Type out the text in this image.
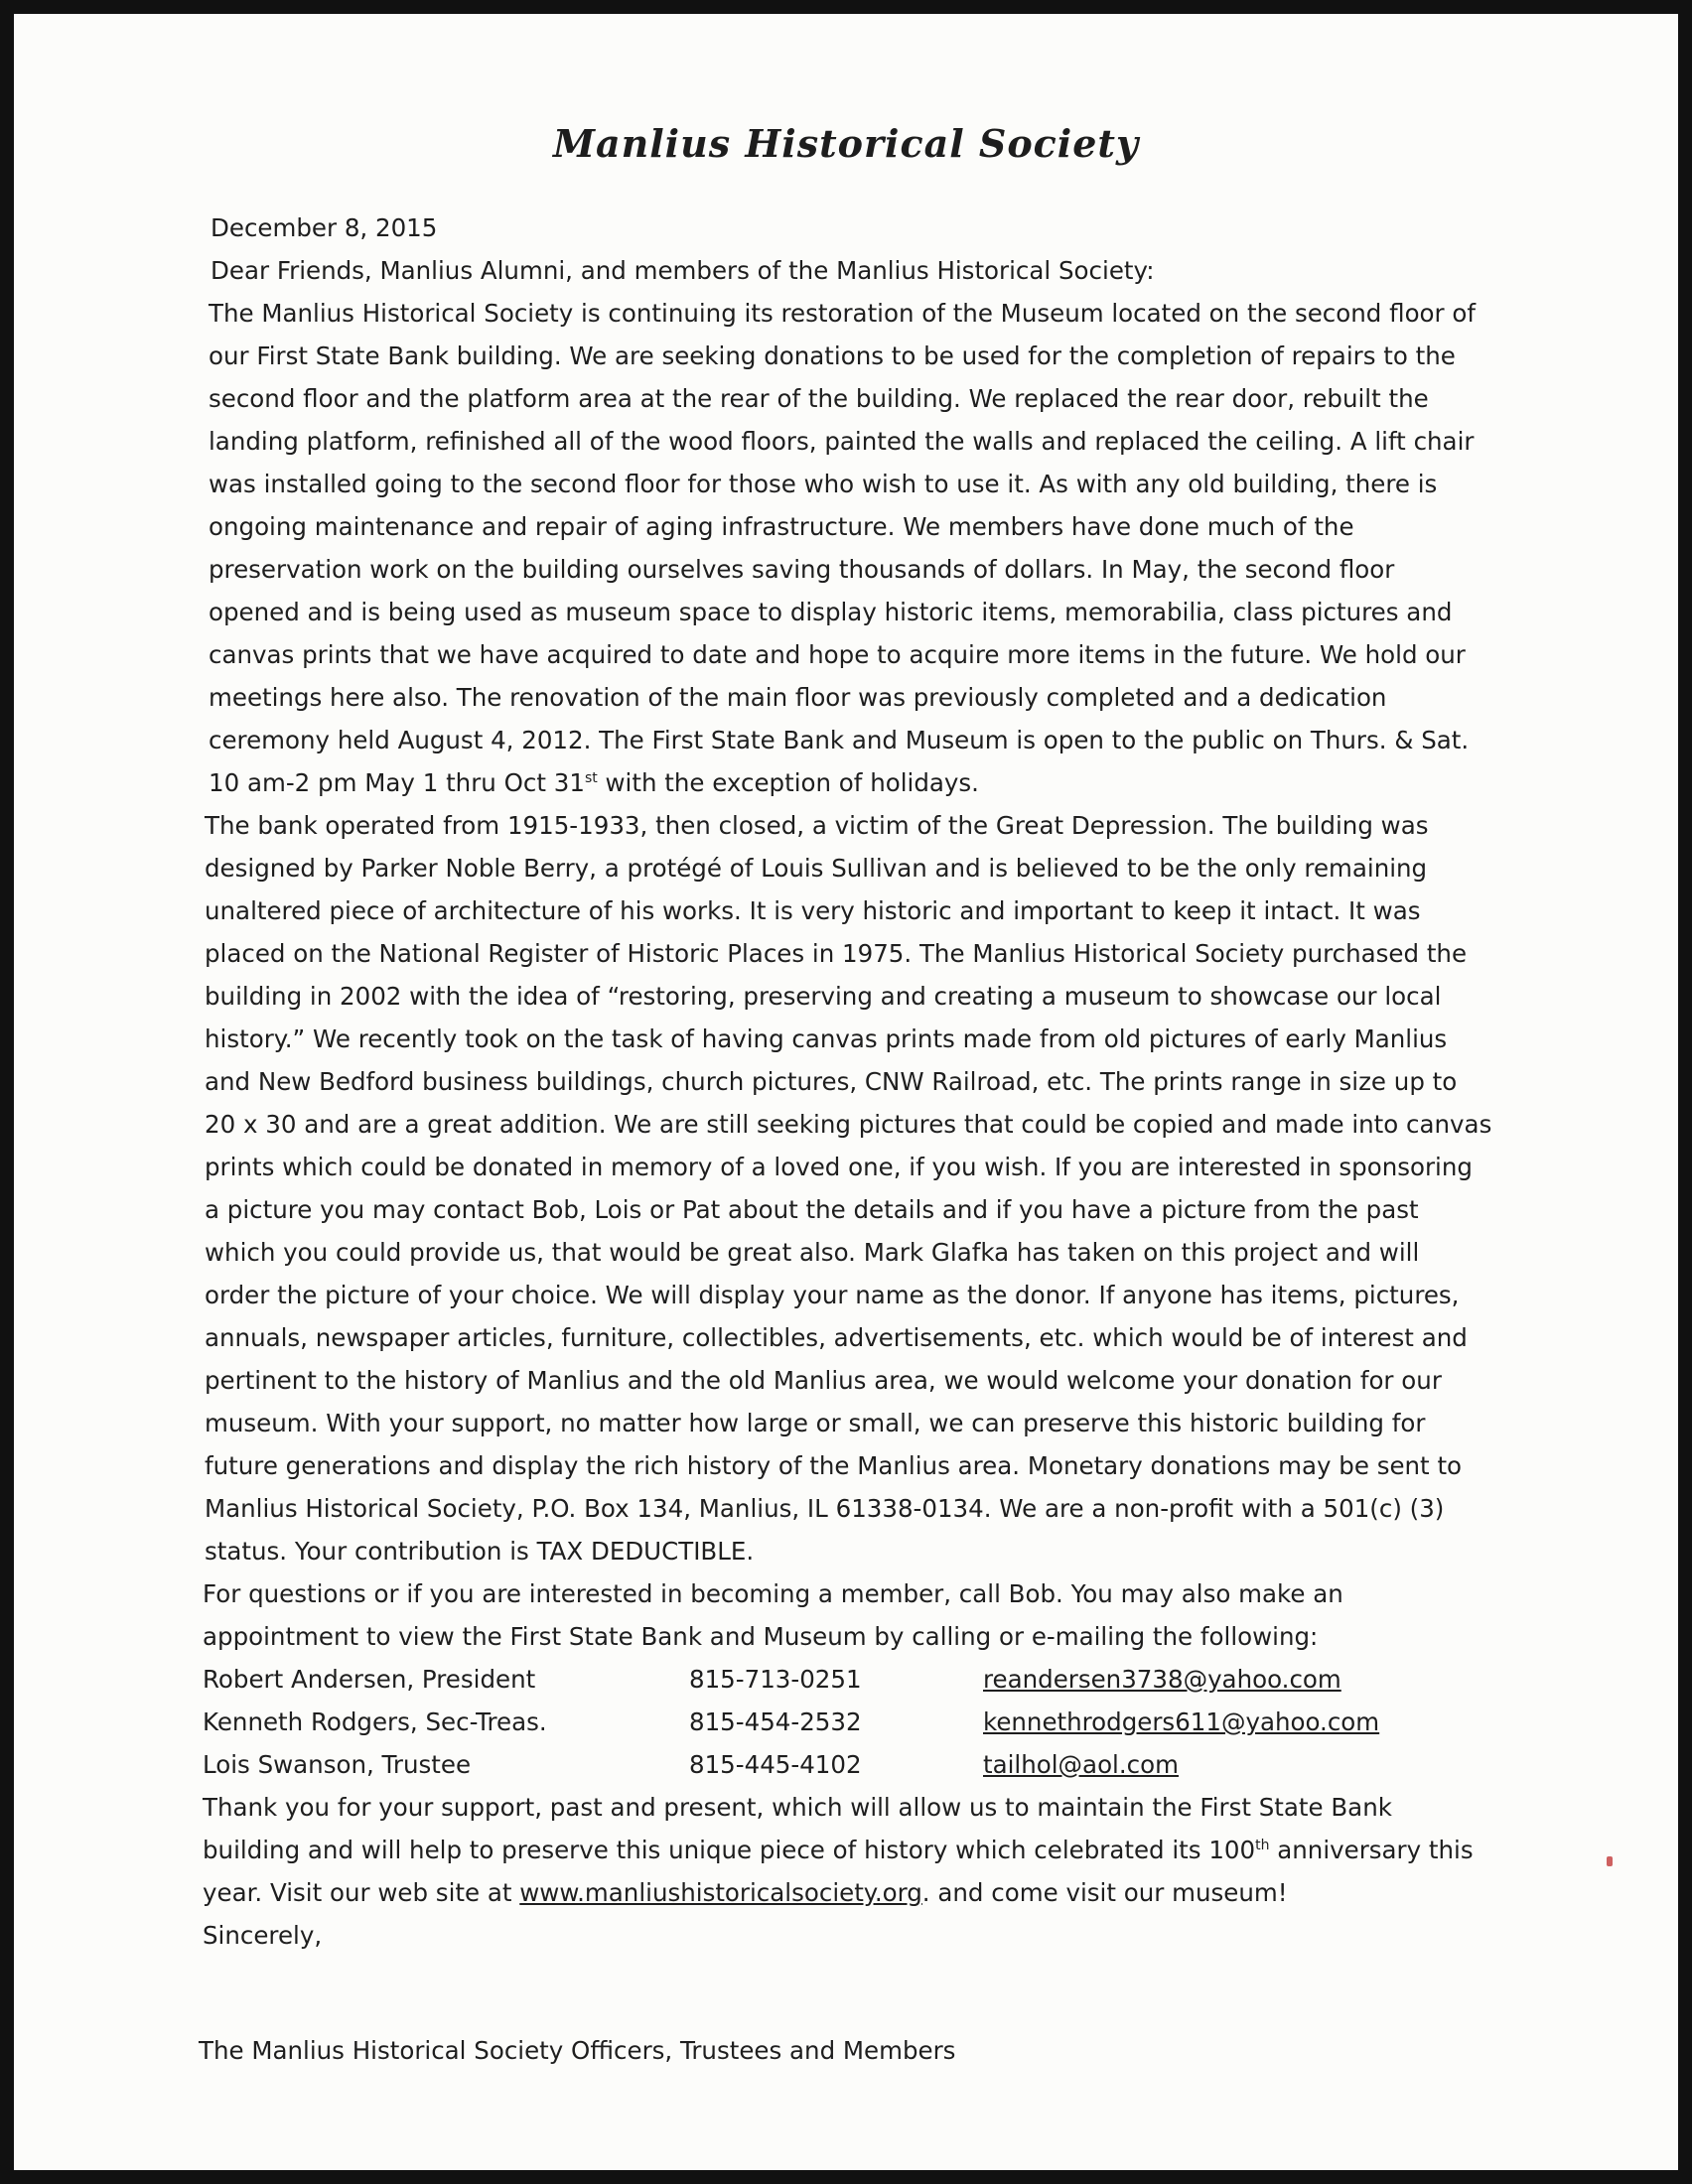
Manlius Historical Society

December 8, 2015

Dear Friends, Manlius Alumni, and members of the Manlius Historical Society:

The Manlius Historical Society is continuing its restoration of the Museum located on the second floor of

our First State Bank building. We are seeking donations to be used for the completion of repairs to the

second floor and the platform area at the rear of the building. We replaced the rear door, rebuilt the

landing platform, refinished all of the wood floors, painted the walls and replaced the ceiling. A lift chair

was installed going to the second floor for those who wish to use it. As with any old building, there is

ongoing maintenance and repair of aging infrastructure. We members have done much of the

preservation work on the building ourselves saving thousands of dollars. In May, the second floor

opened and is being used as museum space to display historic items, memorabilia, class pictures and

canvas prints that we have acquired to date and hope to acquire more items in the future. We hold our

meetings here also. The renovation of the main floor was previously completed and a dedication

ceremony held August 4, 2012. The First State Bank and Museum is open to the public on Thurs. & Sat.

10 am-2 pm May 1 thru Oct 31st with the exception of holidays.

The bank operated from 1915-1933, then closed, a victim of the Great Depression. The building was

designed by Parker Noble Berry, a protégé of Louis Sullivan and is believed to be the only remaining

unaltered piece of architecture of his works. It is very historic and important to keep it intact. It was

placed on the National Register of Historic Places in 1975. The Manlius Historical Society purchased the

building in 2002 with the idea of “restoring, preserving and creating a museum to showcase our local

history.” We recently took on the task of having canvas prints made from old pictures of early Manlius

and New Bedford business buildings, church pictures, CNW Railroad, etc. The prints range in size up to

20 x 30 and are a great addition. We are still seeking pictures that could be copied and made into canvas

prints which could be donated in memory of a loved one, if you wish. If you are interested in sponsoring

a picture you may contact Bob, Lois or Pat about the details and if you have a picture from the past

which you could provide us, that would be great also. Mark Glafka has taken on this project and will

order the picture of your choice. We will display your name as the donor. If anyone has items, pictures,

annuals, newspaper articles, furniture, collectibles, advertisements, etc. which would be of interest and

pertinent to the history of Manlius and the old Manlius area, we would welcome your donation for our

museum. With your support, no matter how large or small, we can preserve this historic building for

future generations and display the rich history of the Manlius area. Monetary donations may be sent to

Manlius Historical Society, P.O. Box 134, Manlius, IL 61338-0134. We are a non-profit with a 501(c) (3)

status. Your contribution is TAX DEDUCTIBLE.

For questions or if you are interested in becoming a member, call Bob. You may also make an

appointment to view the First State Bank and Museum by calling or e-mailing the following:

Robert Andersen, President	815-713-0251	reandersen3738@yahoo.com
Kenneth Rodgers, Sec-Treas.	815-454-2532	kennethrodgers611@yahoo.com
Lois Swanson, Trustee	815-445-4102	tailhol@aol.com

Thank you for your support, past and present, which will allow us to maintain the First State Bank

building and will help to preserve this unique piece of history which celebrated its 100th anniversary this

year. Visit our web site at www.manliushistoricalsociety.org. and come visit our museum!

Sincerely,

The Manlius Historical Society Officers, Trustees and Members
